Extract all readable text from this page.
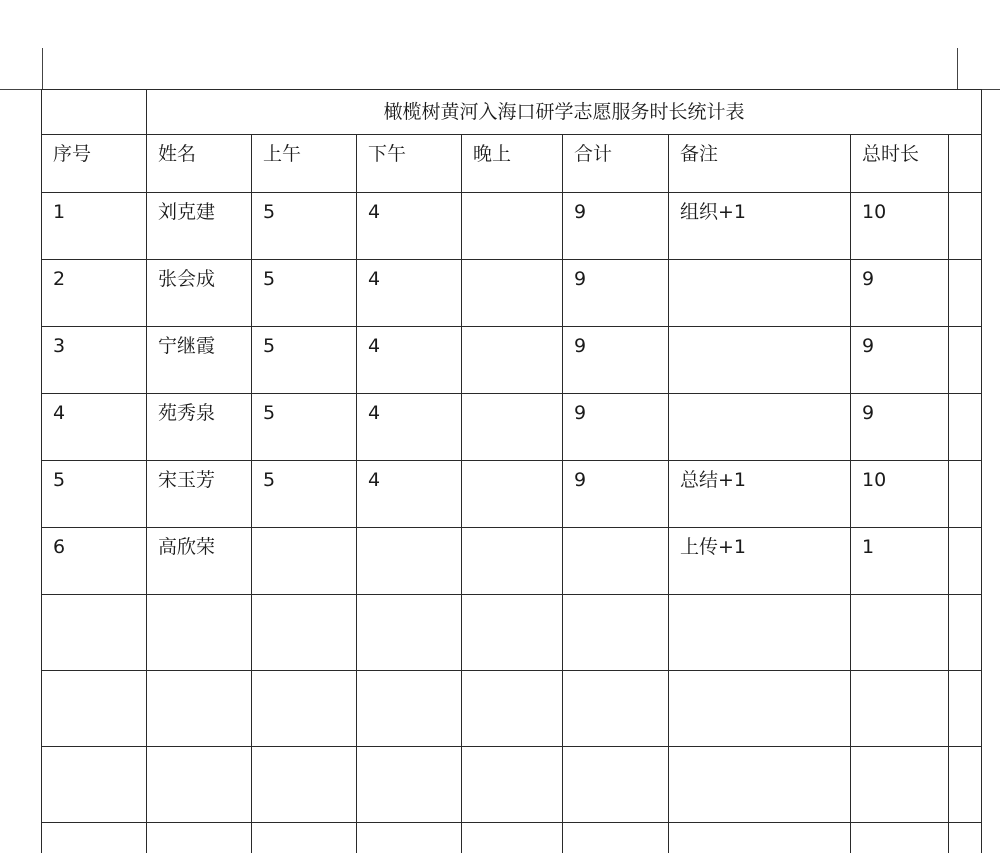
	橄榄树黄河入海口研学志愿服务时长统计表							

序号	姓名	上午	下午	晚上	合计	备注	总时长	

1	刘克建	5	4		9	组织+1	10	

2	张会成	5	4		9		9	

3	宁继霞	5	4		9		9	

4	苑秀泉	5	4		9		9	

5	宋玉芳	5	4		9	总结+1	10	

6	高欣荣					上传+1	1	
